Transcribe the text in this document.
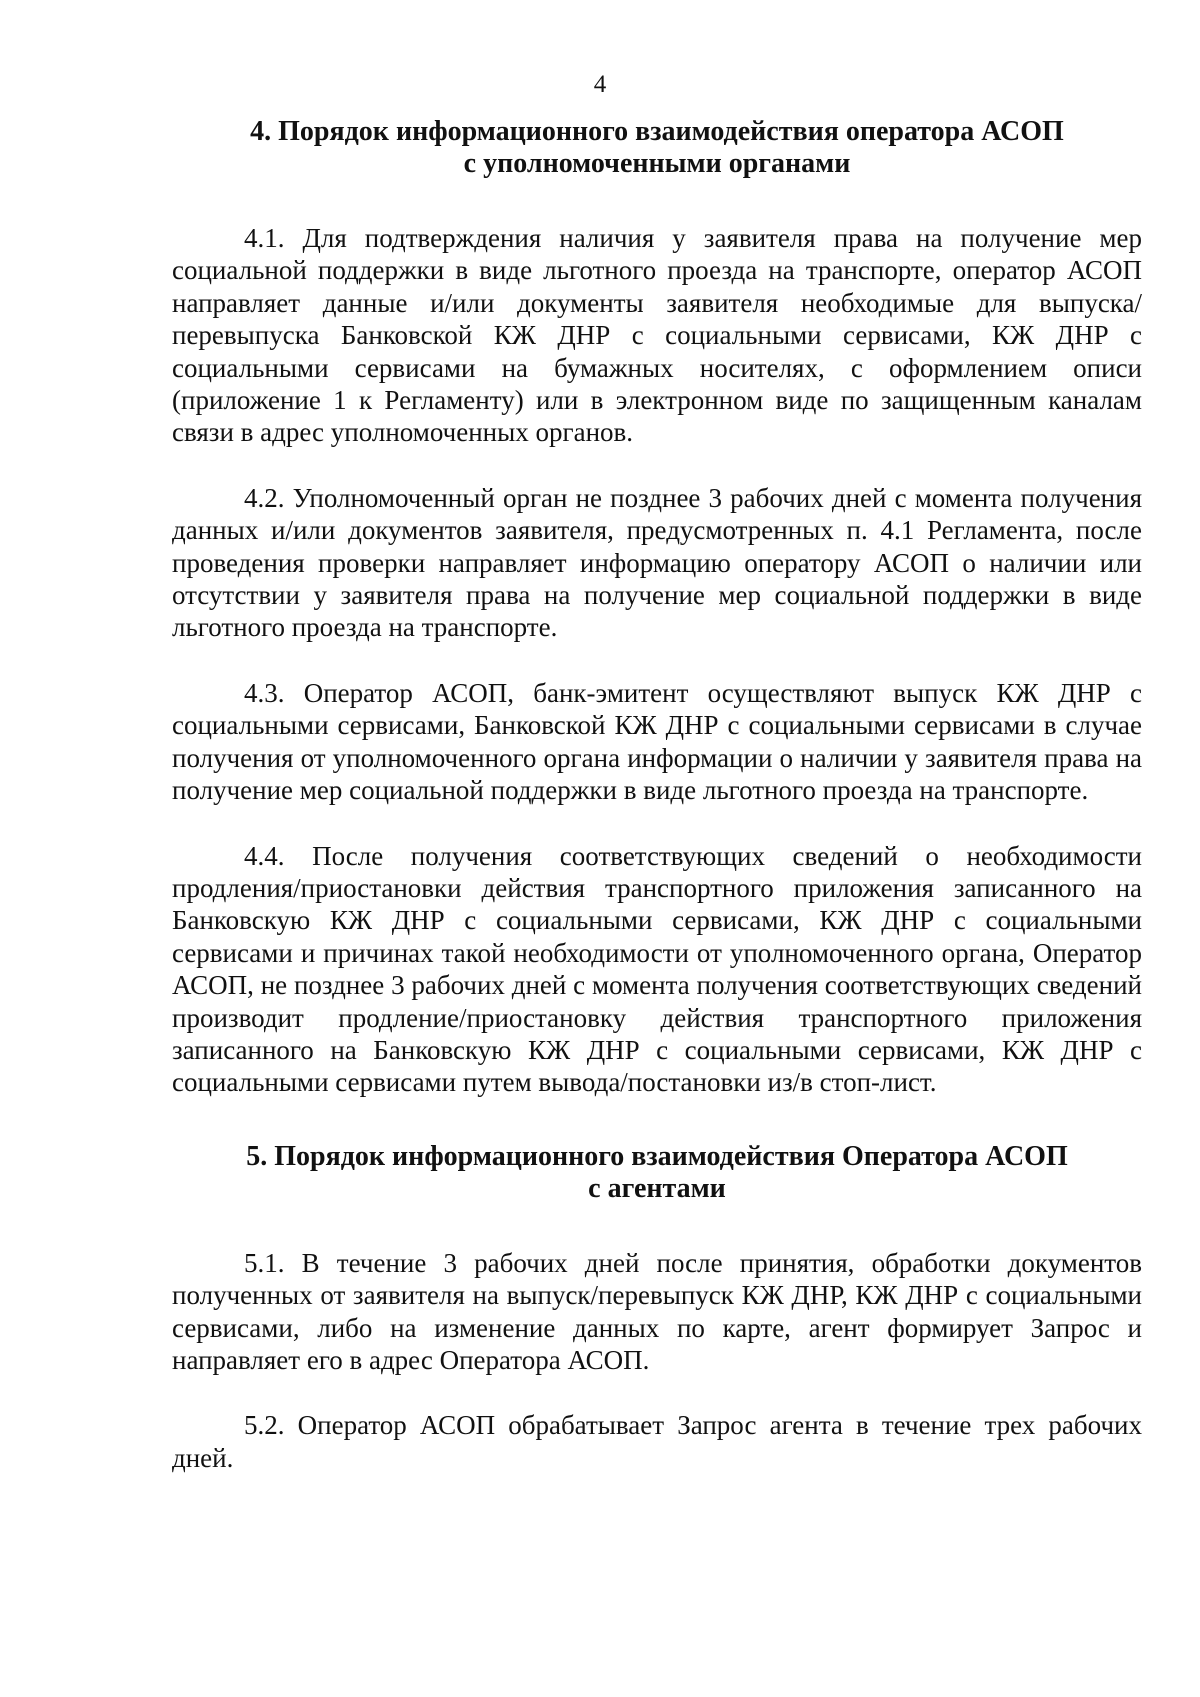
4
4. Порядок информационного взаимодействия оператора АСОП
с уполномоченными органами

4.1. Для подтверждения наличия у заявителя права на получение мер социальной поддержки в виде льготного проезда на транспорте, оператор АСОП направляет данные и/или документы заявителя необходимые для выпуска/перевыпуска Банковской КЖ ДНР с социальными сервисами, КЖ ДНР с социальными сервисами на бумажных носителях, с оформлением описи (приложение 1 к Регламенту) или в электронном виде по защищенным каналам связи в адрес уполномоченных органов.

4.2. Уполномоченный орган не позднее 3 рабочих дней с момента получения данных и/или документов заявителя, предусмотренных п. 4.1 Регламента, после проведения проверки направляет информацию оператору АСОП о наличии или отсутствии у заявителя права на получение мер социальной поддержки в виде льготного проезда на транспорте.

4.3. Оператор АСОП, банк-эмитент осуществляют выпуск КЖ ДНР с социальными сервисами, Банковской КЖ ДНР с социальными сервисами в случае получения от уполномоченного органа информации о наличии у заявителя права на получение мер социальной поддержки в виде льготного проезда на транспорте.

4.4. После получения соответствующих сведений о необходимости продления/приостановки действия транспортного приложения записанного на Банковскую КЖ ДНР с социальными сервисами, КЖ ДНР с социальными сервисами и причинах такой необходимости от уполномоченного органа, Оператор АСОП, не позднее 3 рабочих дней с момента получения соответствующих сведений производит продление/приостановку действия транспортного приложения записанного на Банковскую КЖ ДНР с социальными сервисами, КЖ ДНР с социальными сервисами путем вывода/постановки из/в стоп-лист.

5. Порядок информационного взаимодействия Оператора АСОП
с агентами

5.1. В течение 3 рабочих дней после принятия, обработки документов полученных от заявителя на выпуск/перевыпуск КЖ ДНР, КЖ ДНР с социальными сервисами, либо на изменение данных по карте, агент формирует Запрос и направляет его в адрес Оператора АСОП.

5.2. Оператор АСОП обрабатывает Запрос агента в течение трех рабочих дней.
